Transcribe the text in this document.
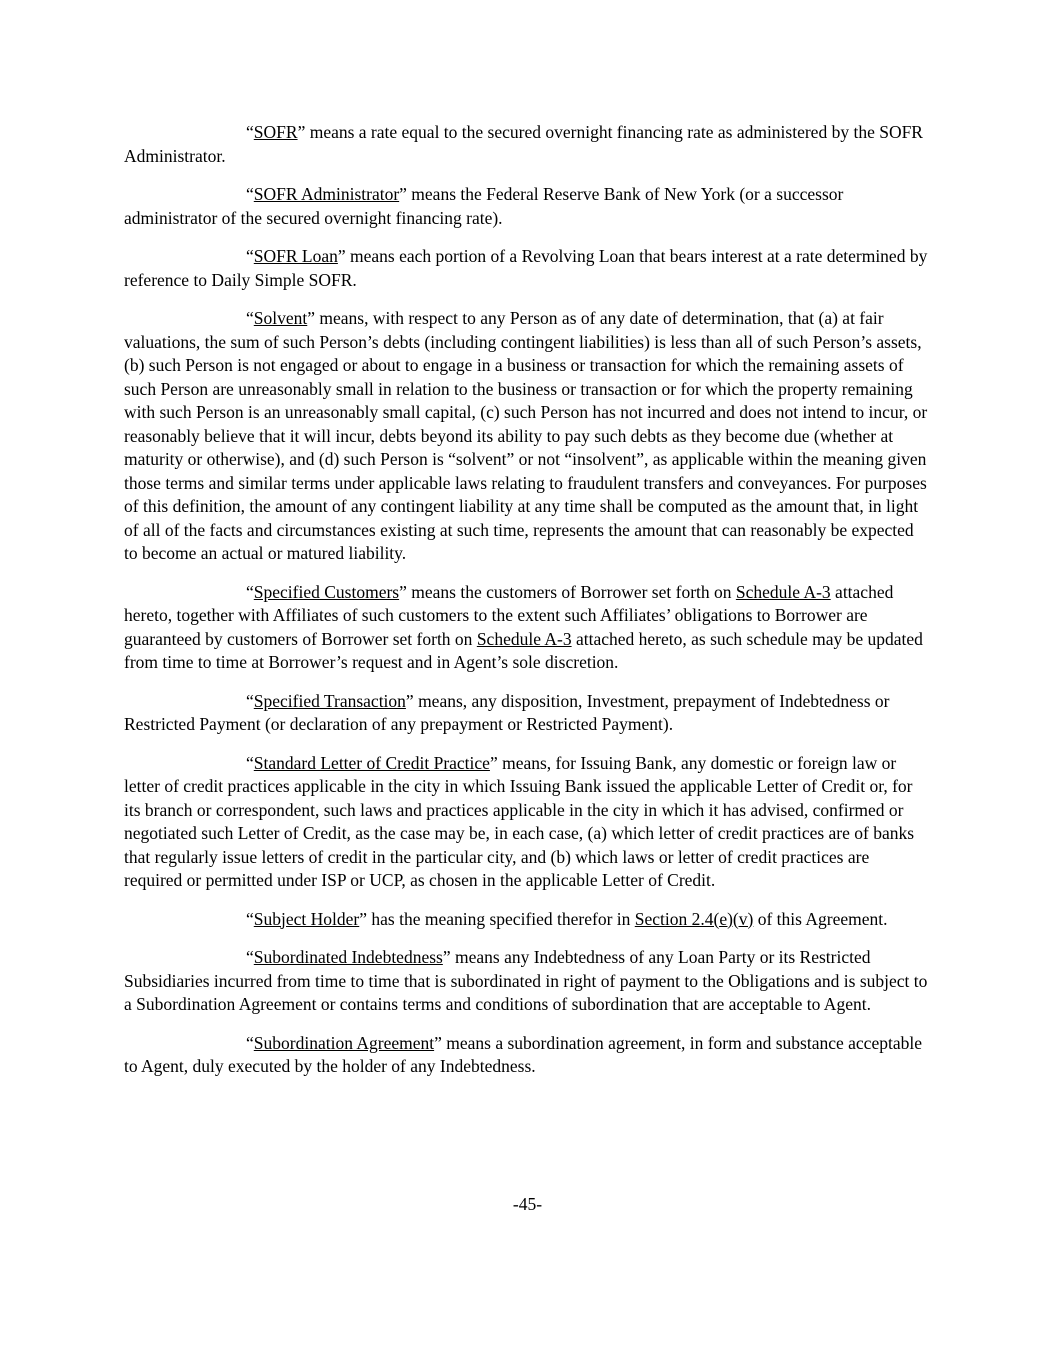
“SOFR” means a rate equal to the secured overnight financing rate as administered by the SOFR Administrator.

“SOFR Administrator” means the Federal Reserve Bank of New York (or a successor administrator of the secured overnight financing rate).

“SOFR Loan” means each portion of a Revolving Loan that bears interest at a rate determined by reference to Daily Simple SOFR.

“Solvent” means, with respect to any Person as of any date of determination, that (a) at fair valuations, the sum of such Person’s debts (including contingent liabilities) is less than all of such Person’s assets, (b) such Person is not engaged or about to engage in a business or transaction for which the remaining assets of such Person are unreasonably small in relation to the business or transaction or for which the property remaining with such Person is an unreasonably small capital, (c) such Person has not incurred and does not intend to incur, or reasonably believe that it will incur, debts beyond its ability to pay such debts as they become due (whether at maturity or otherwise), and (d) such Person is “solvent” or not “insolvent”, as applicable within the meaning given those terms and similar terms under applicable laws relating to fraudulent transfers and conveyances. For purposes of this definition, the amount of any contingent liability at any time shall be computed as the amount that, in light of all of the facts and circumstances existing at such time, represents the amount that can reasonably be expected to become an actual or matured liability.

“Specified Customers” means the customers of Borrower set forth on Schedule A-3 attached hereto, together with Affiliates of such customers to the extent such Affiliates’ obligations to Borrower are guaranteed by customers of Borrower set forth on Schedule A-3 attached hereto, as such schedule may be updated from time to time at Borrower’s request and in Agent’s sole discretion.

“Specified Transaction” means, any disposition, Investment, prepayment of Indebtedness or Restricted Payment (or declaration of any prepayment or Restricted Payment).

“Standard Letter of Credit Practice” means, for Issuing Bank, any domestic or foreign law or letter of credit practices applicable in the city in which Issuing Bank issued the applicable Letter of Credit or, for its branch or correspondent, such laws and practices applicable in the city in which it has advised, confirmed or negotiated such Letter of Credit, as the case may be, in each case, (a) which letter of credit practices are of banks that regularly issue letters of credit in the particular city, and (b) which laws or letter of credit practices are required or permitted under ISP or UCP, as chosen in the applicable Letter of Credit.

“Subject Holder” has the meaning specified therefor in Section 2.4(e)(v) of this Agreement.

“Subordinated Indebtedness” means any Indebtedness of any Loan Party or its Restricted Subsidiaries incurred from time to time that is subordinated in right of payment to the Obligations and is subject to a Subordination Agreement or contains terms and conditions of subordination that are acceptable to Agent.

“Subordination Agreement” means a subordination agreement, in form and substance acceptable to Agent, duly executed by the holder of any Indebtedness.

-45-
